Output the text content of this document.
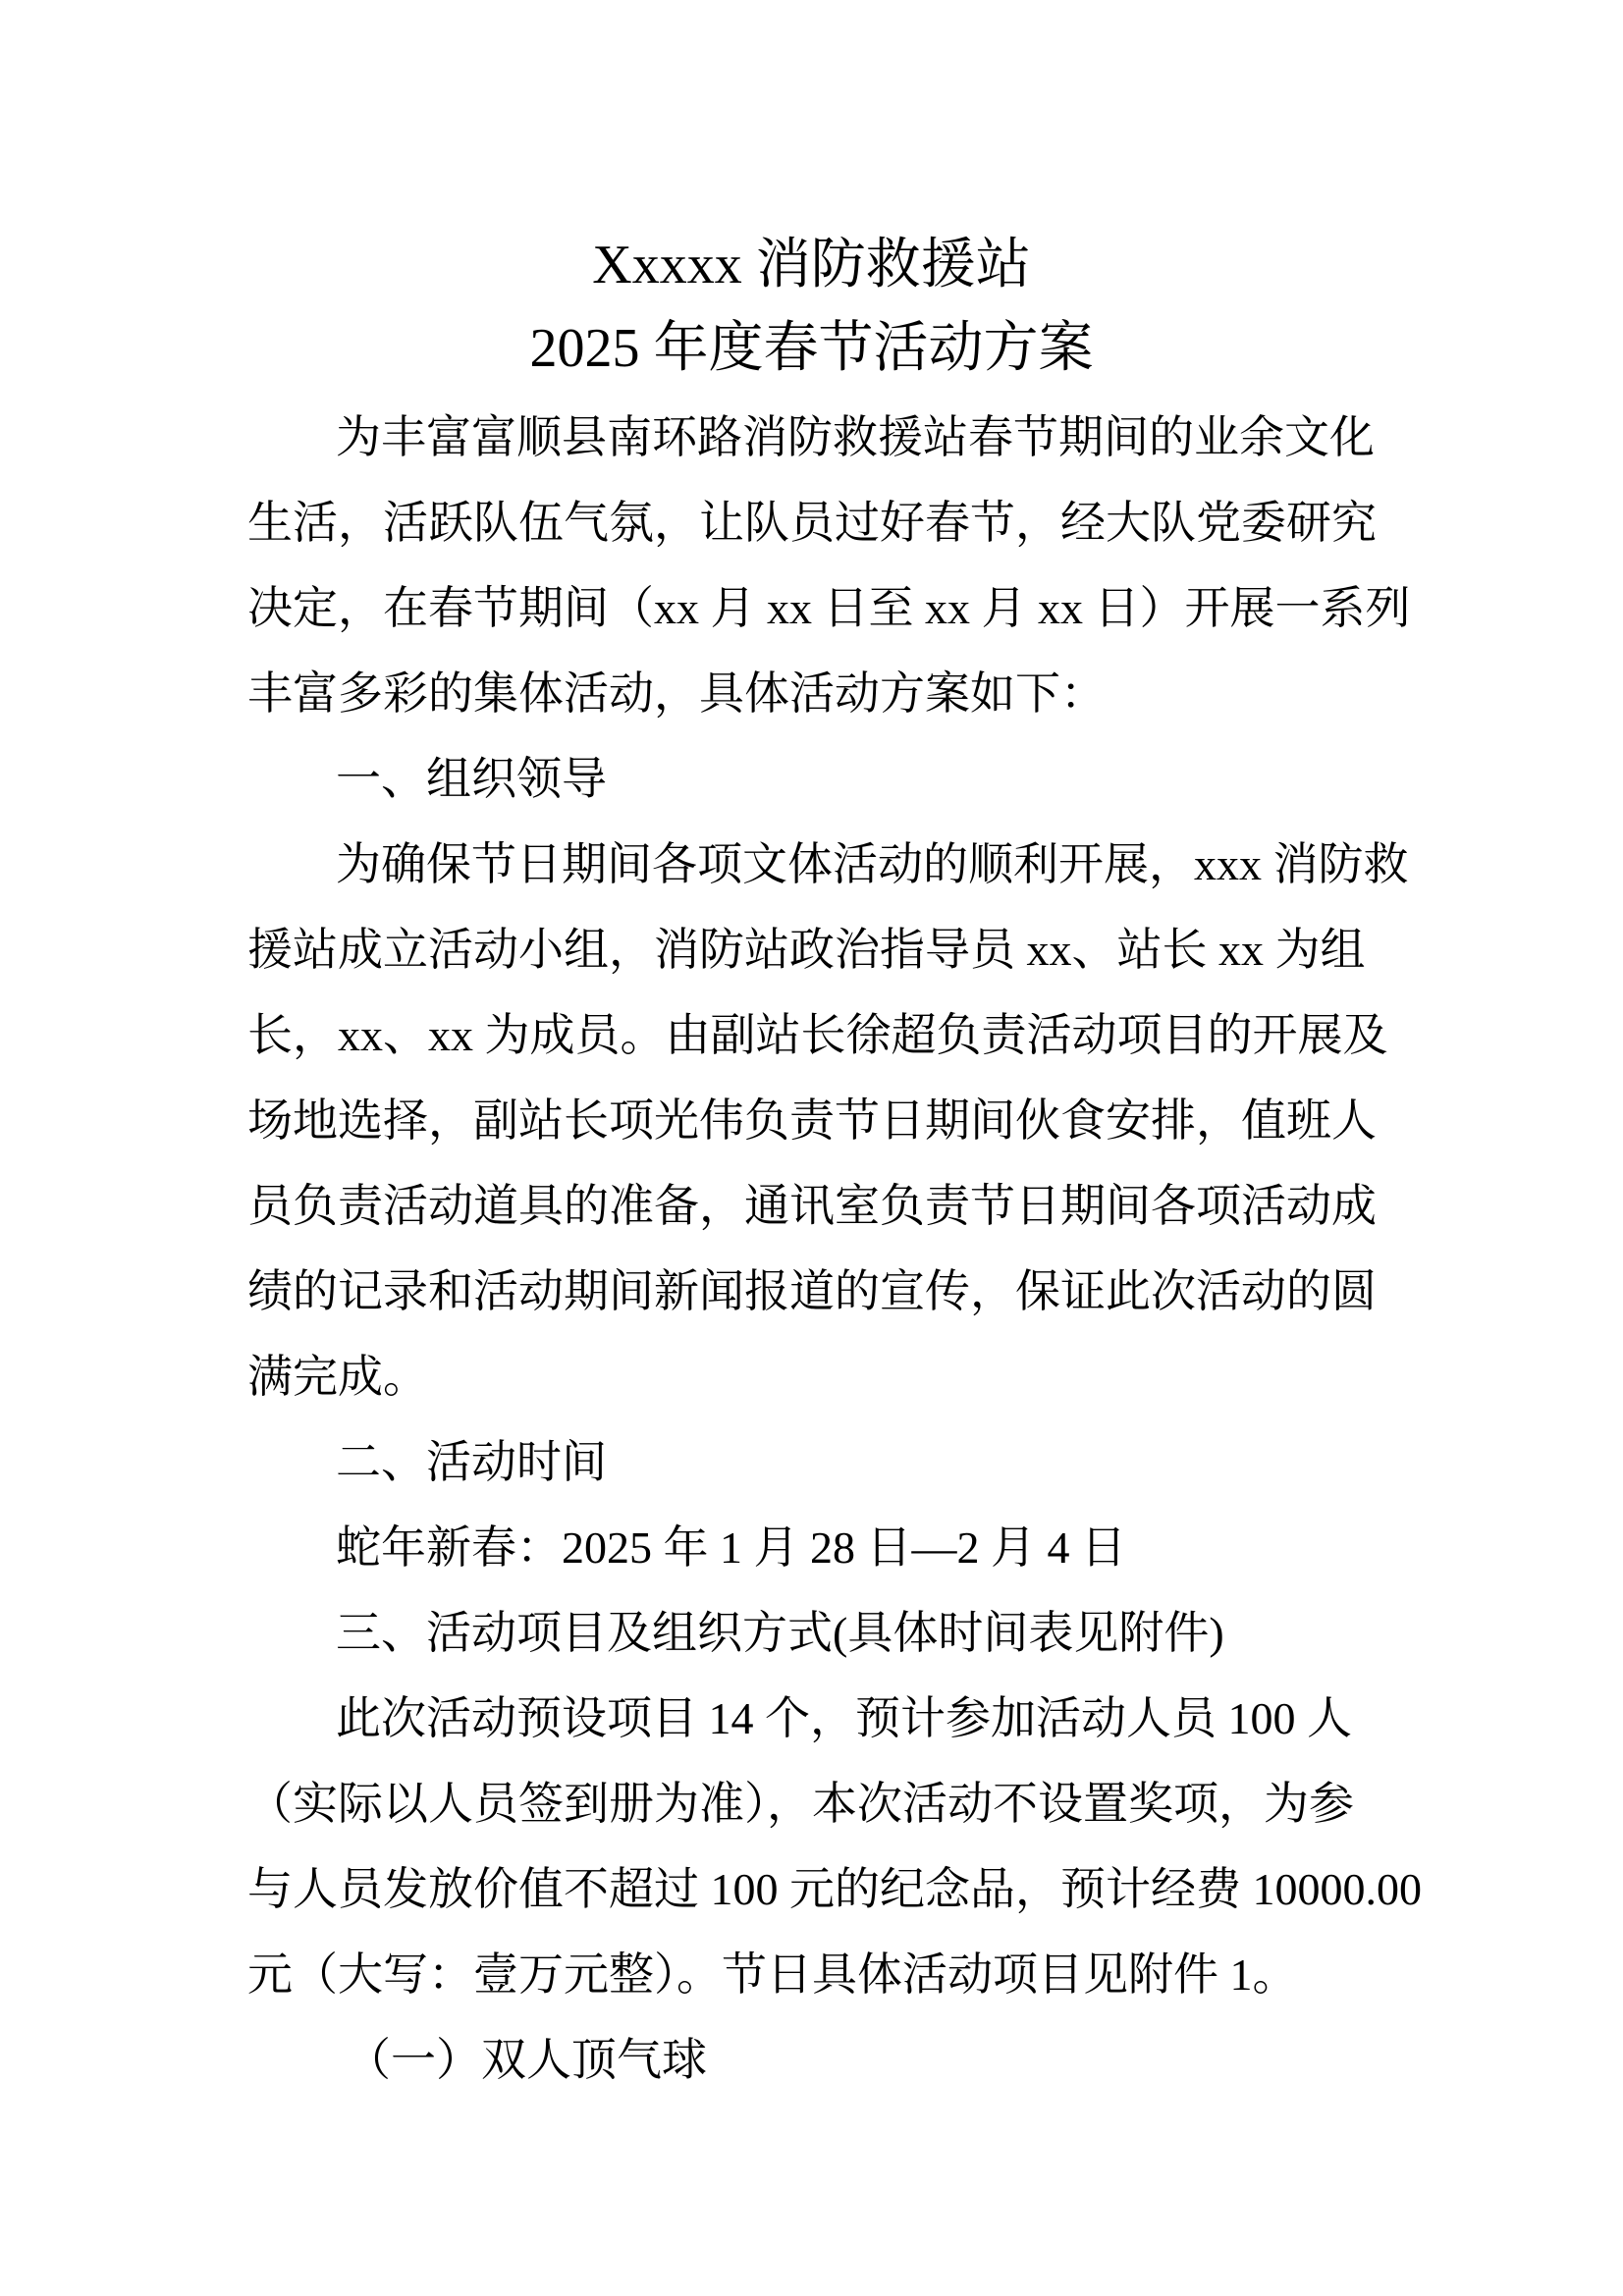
Xxxxx 消防救援站
2025 年度春节活动方案
为丰富富顺县南环路消防救援站春节期间的业余文化
生活，活跃队伍气氛，让队员过好春节，经大队党委研究
决定，在春节期间（xx 月 xx 日至 xx 月 xx 日）开展一系列
丰富多彩的集体活动，具体活动方案如下：
一、组织领导
为确保节日期间各项文体活动的顺利开展，xxx 消防救
援站成立活动小组，消防站政治指导员 xx、站长 xx 为组
长，xx、xx 为成员。由副站长徐超负责活动项目的开展及
场地选择，副站长项光伟负责节日期间伙食安排，值班人
员负责活动道具的准备，通讯室负责节日期间各项活动成
绩的记录和活动期间新闻报道的宣传，保证此次活动的圆
满完成。
二、活动时间
蛇年新春：2025 年 1 月 28 日—2 月 4 日
三、活动项目及组织方式(具体时间表见附件)
此次活动预设项目 14 个，预计参加活动人员 100 人
（实际以人员签到册为准），本次活动不设置奖项，为参
与人员发放价值不超过 100 元的纪念品，预计经费 10000.00
元（大写：壹万元整）。节日具体活动项目见附件 1。
（一）双人顶气球
